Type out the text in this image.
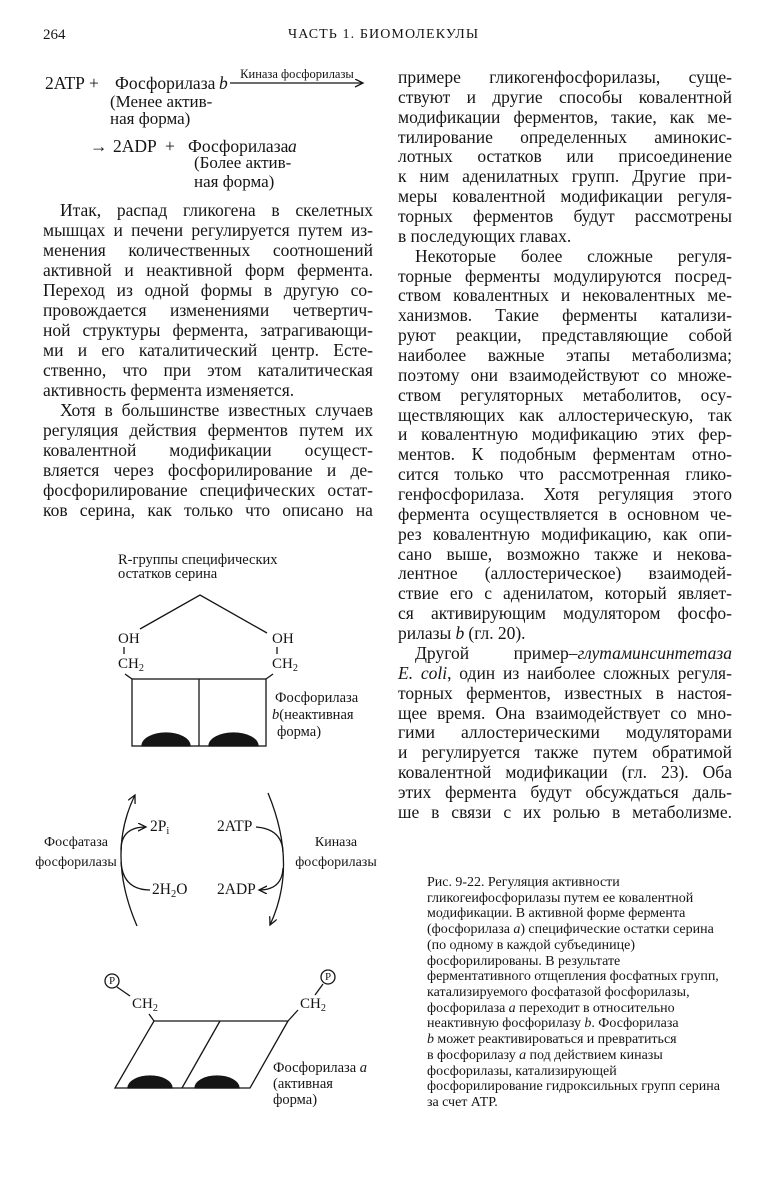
264	ЧАСТЬ 1. БИОМОЛЕКУЛЫ
2ATP + Фосфорилаза b Киназа фосфорилазы
(Менее актив-
ная форма)
→ 2ADP + Фосфорилаза a
(Более актив-
ная форма)
Итак, распад гликогена в скелетных
мышцах и печени регулируется путем из-
менения количественных соотношений
активной и неактивной форм фермента.
Переход из одной формы в другую со-
провождается изменениями четвертич-
ной структуры фермента, затрагивающи-
ми и его каталитический центр. Есте-
ственно, что при этом каталитическая
активность фермента изменяется.
Хотя в большинстве известных случаев
регуляция действия ферментов путем их
ковалентной модификации осущест-
вляется через фосфорилирование и де-
фосфорилирование специфических остат-
ков серина, как только что описано на
примере гликогенфосфорилазы, суще-
ствуют и другие способы ковалентной
модификации ферментов, такие, как ме-
тилирование определенных аминокис-
лотных остатков или присоединение
к ним аденилатных групп. Другие при-
меры ковалентной модификации регуля-
торных ферментов будут рассмотрены
в последующих главах.
Некоторые более сложные регуля-
торные ферменты модулируются посред-
ством ковалентных и нековалентных ме-
ханизмов. Такие ферменты катализи-
руют реакции, представляющие собой
наиболее важные этапы метаболизма;
поэтому они взаимодействуют со множе-
ством регуляторных метаболитов, осу-
ществляющих как аллостерическую, так
и ковалентную модификацию этих фер-
ментов. К подобным ферментам отно-
сится только что рассмотренная глико-
генфосфорилаза. Хотя регуляция этого
фермента осуществляется в основном че-
рез ковалентную модификацию, как опи-
сано выше, возможно также и некова-
лентное (аллостерическое) взаимодей-
ствие его с аденилатом, который являет-
ся активирующим модулятором фосфо-
рилазы b (гл. 20).
Другой	пример–глутаминсинтетаза
E. coli, один из наиболее сложных регуля-
торных ферментов, известных в настоя-
щее время. Она взаимодействует со мно-
гими аллостерическими модуляторами
и регулируется также путем обратимой
ковалентной модификации (гл. 23). Оба
этих фермента будут обсуждаться даль-
ше в связи с их ролью в метаболизме.
R-группы специфических
остатков серина
OH
$CH_2$
OH
$CH_2$
Фосфорилаза
b(неактивная
форма)
Фосфатаза
фосфорилазы
Киназа
фосфорилазы
$2P_i$
$2H_2O$
2ATP
2ADP
P	P
$CH_2$	$CH_2$
Фосфорилаза a
(активная
форма)
Рис. 9-22. Регуляция активности
гликогеифосфорилазы путем ее ковалентной
модификации. В активной форме фермента
(фосфорилаза a) специфические остатки серина
(по одному в каждой субъединице)
фосфорилированы. В результате
ферментативного отщепления фосфатных групп,
катализируемого фосфатазой фосфорилазы,
фосфорилаза a переходит в относительно
неактивную фосфорилазу b. Фосфорилаза
b может реактивироваться и превратиться
в фосфорилазу a под действием киназы
фосфорилазы, катализирующей
фосфорилирование гидроксильных групп серина
за счет АТР.
